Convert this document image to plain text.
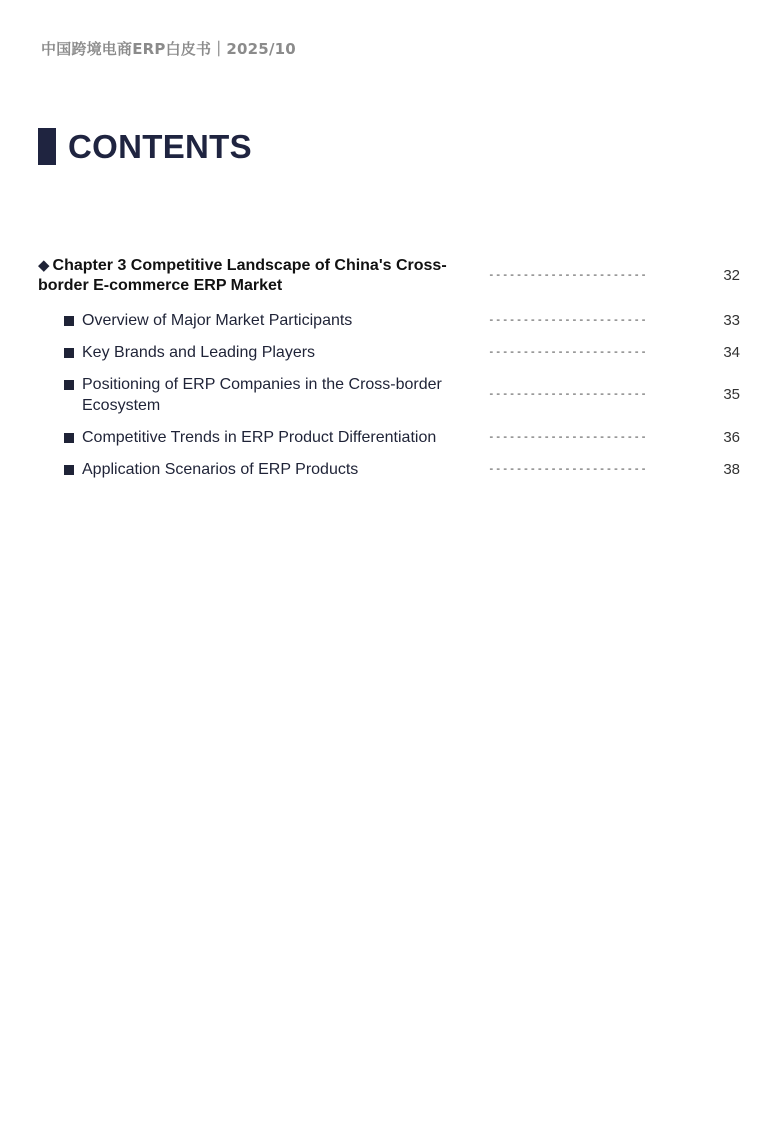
中国跨境电商ERP白皮书｜2025/10
CONTENTS
◆ Chapter 3 Competitive Landscape of China's Cross-border E-commerce ERP Market
-----------------------	32
Overview of Major Market Participants	-----------------------	33
Key Brands and Leading Players	-----------------------	34
Positioning of ERP Companies in the Cross-border Ecosystem
-----------------------	35
Competitive Trends in ERP Product Differentiation	-----------------------	36
Application Scenarios of ERP Products	-----------------------	38
